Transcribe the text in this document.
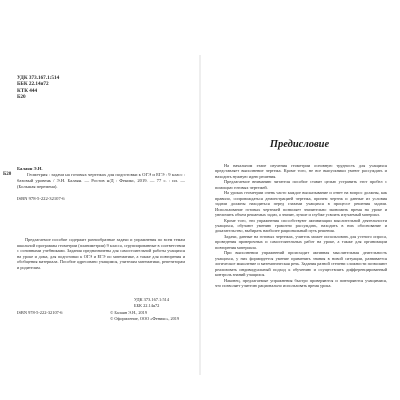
УДК 373.167.1:514
ББК 22.14я72
КТК 444
Б20
Б20
Балаян Э.Н.

Геометрия : задачи на готовых чертежах для подготовки к ОГЭ и ЕГЭ : 9 класс : базовый уровень / Э.Н. Балаян. — Ростов н/Д : Феникс, 2019. — 77 с. : ил. — (Большая перемена).

ISBN 978-5-222-32107-6

Предлагаемое пособие содержит разнообразные задачи и упражнения по всем темам школьной программы геометрии (планиметрии) 9 класса, сгруппированные в соответствии с основными учебниками. Задания предназначены для самостоятельной работы учащихся на уроке и дома, для подготовки к ОГЭ и ЕГЭ по математике, а также для повторения и обобщения материала. Пособие адресовано учащимся, учителям математики, репетиторам и родителям.
УДК 373.167.1:514
ББК 22.14я72
ISBN 978-5-222-32107-6	© Балаян Э.Н., 2019
© Оформление, ООО «Феникс», 2019
Предисловие

На начальном этапе изучения геометрии основную трудность для учащихся представляет выполнение чертежа. Кроме того, не все выпускники умеют рассуждать и находить нужную идею решения.

Предлагаемое вниманию читателя пособие ставит целью устранить этот пробел с помощью готовых чертежей.

На уроках геометрии очень часто каждое высказывание и ответ на вопрос должны, как правило, сопровождаться демонстрацией чертежа, причем чертеж и данные из условия задачи должны находиться перед глазами учащихся в процессе решения задачи. Использование готовых чертежей позволяет значительно экономить время на уроке и увеличить объем решаемых задач, а значит, лучше и глубже усвоить изучаемый материал.

Кроме того, эти упражнения способствуют активизации мыслительной деятельности учащихся, обучают умению грамотно рассуждать, находить в них обоснование и доказательство, выбирать наиболее рациональный путь решения.

Задачи, данные на готовых чертежах, учитель может использовать для устного опроса, проведения проверочных и самостоятельных работ на уроке, а также для организации повторения материала.

При выполнении упражнений происходит активная мыслительная деятельность учащихся, у них формируется умение применять знания в новой ситуации, развивается логическое мышление и математическая речь. Задания разной степени сложности позволяют реализовать индивидуальный подход к обучению и осуществлять дифференцированный контроль знаний учащихся.

Наконец, предлагаемые упражнения быстро проверяются и повторяются учащимися, что позволяет учителю рационально использовать время урока.
